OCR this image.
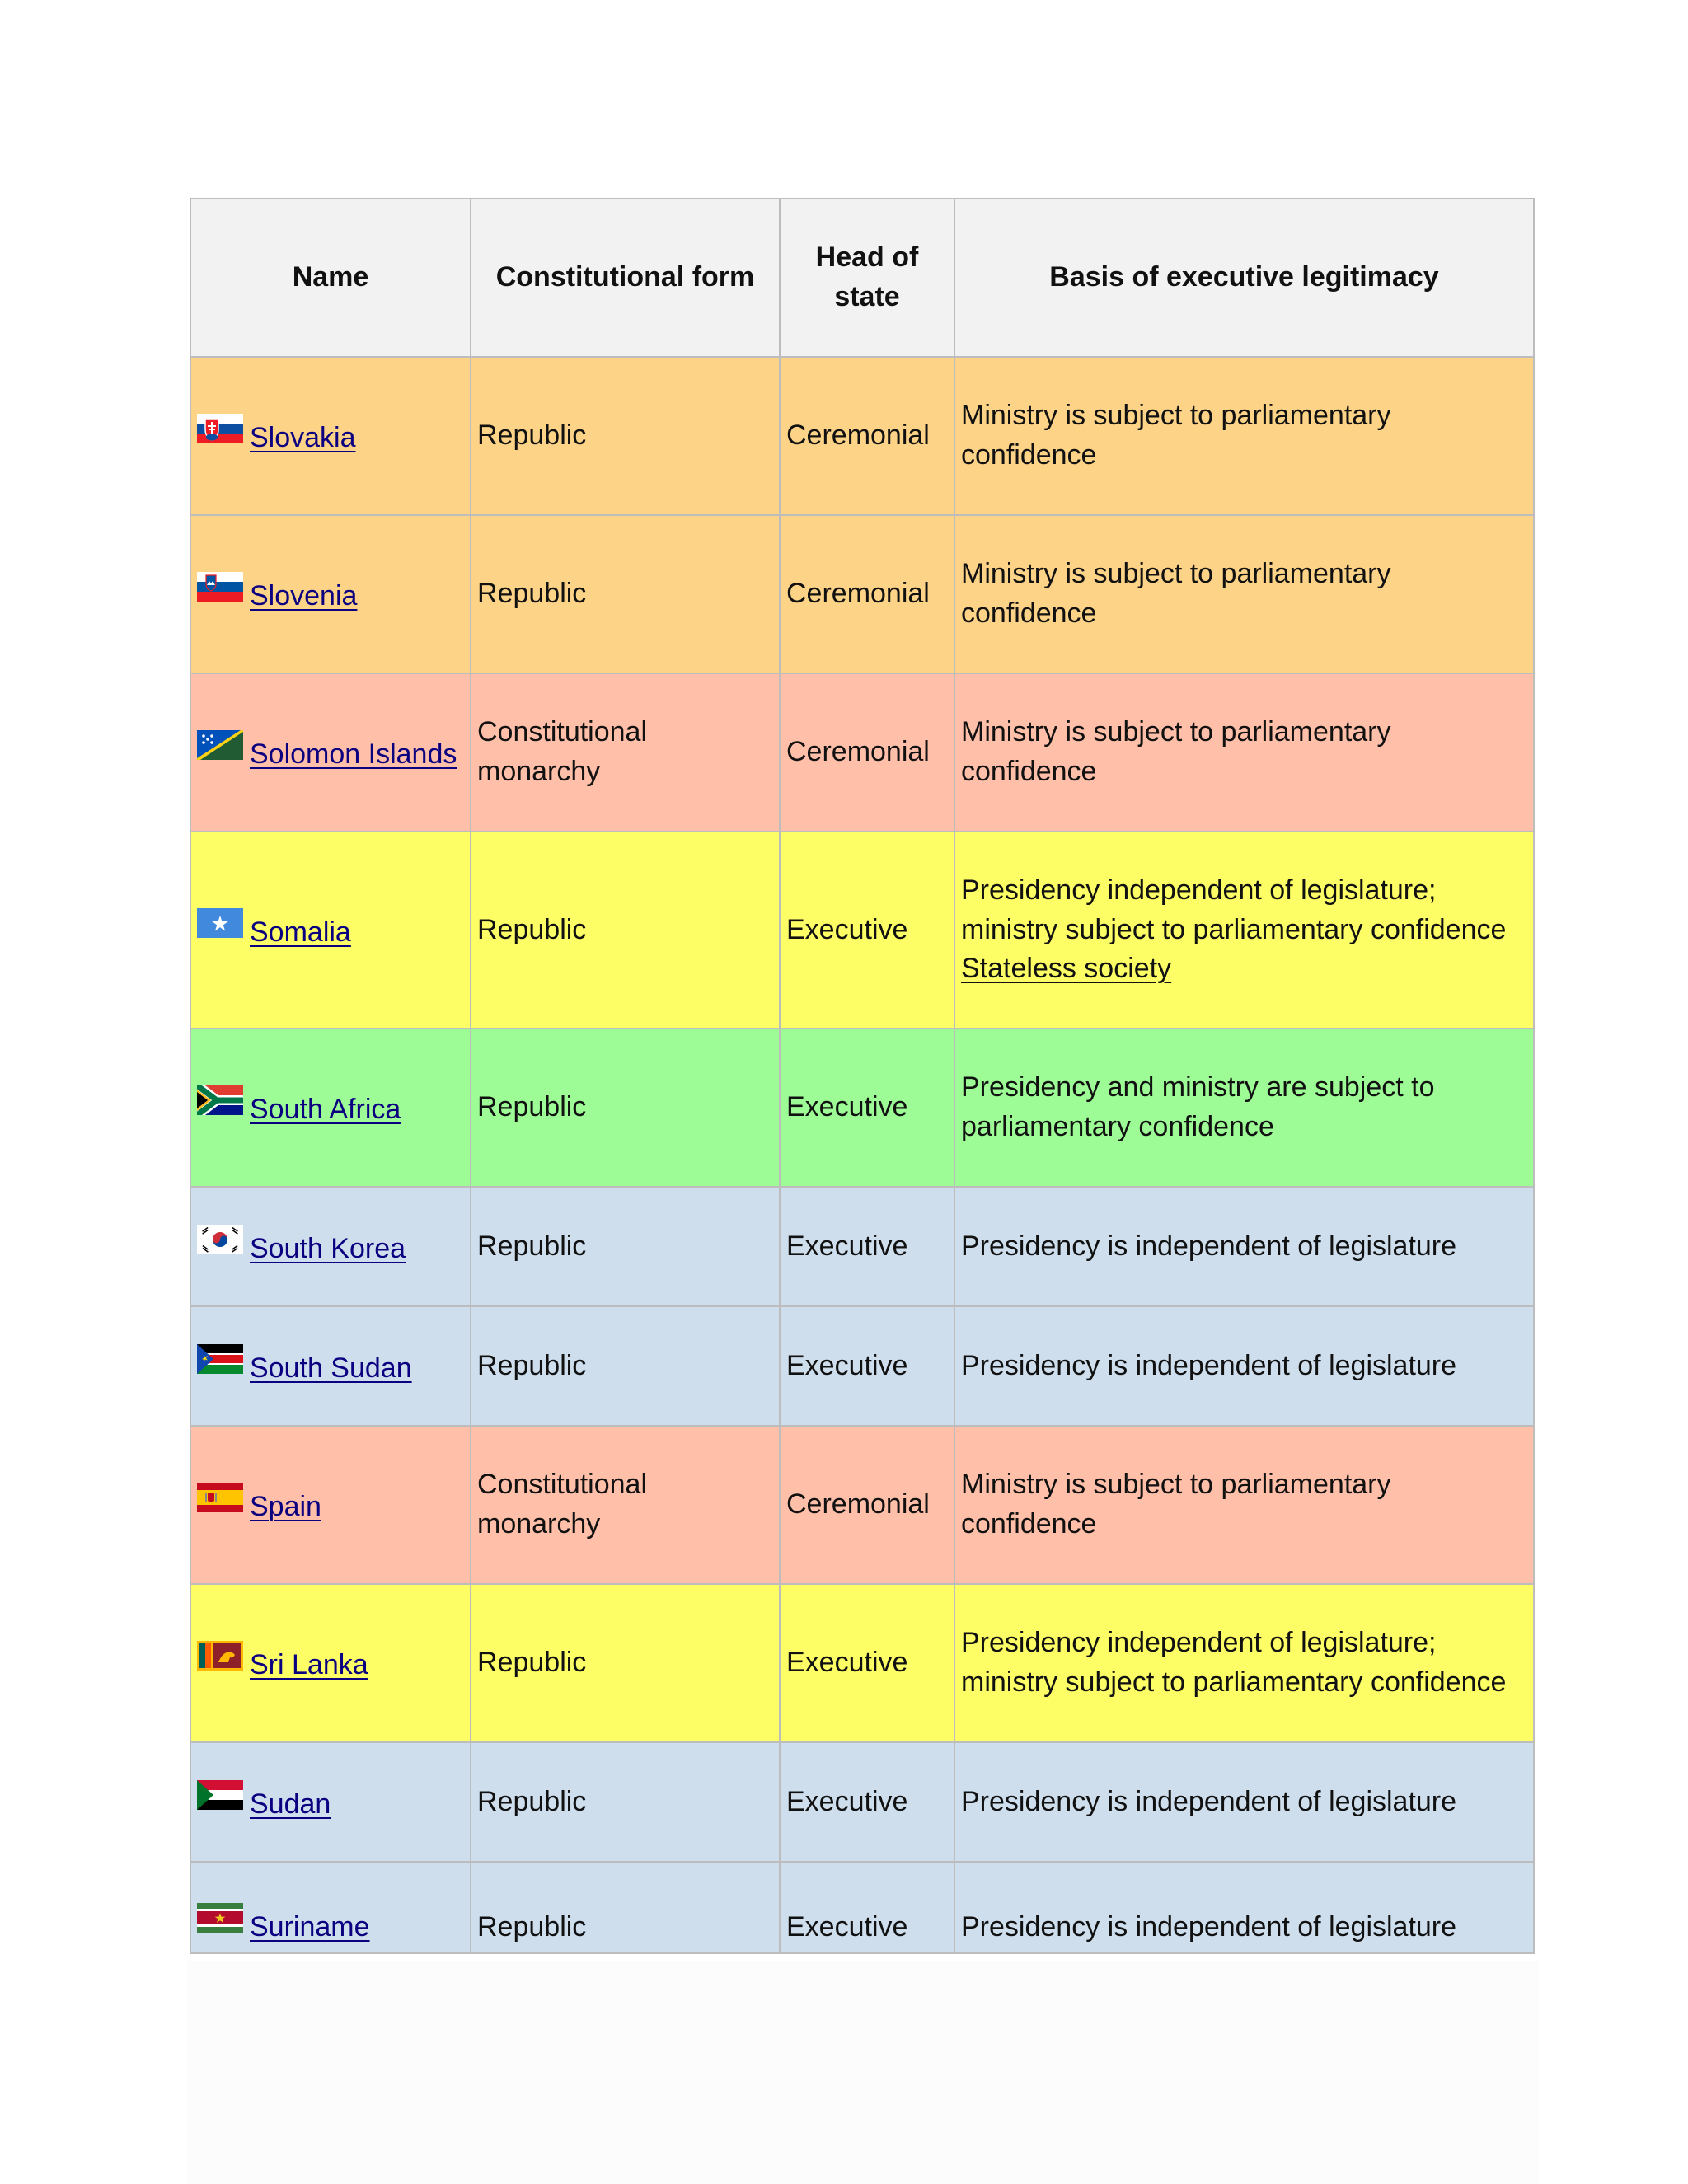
Name	Constitutional form	Head of state	Basis of executive legitimacy

Slovakia	Republic	Ceremonial	Ministry is subject to parliamentary confidence

Slovenia	Republic	Ceremonial	Ministry is subject to parliamentary confidence

Solomon Islands	Constitutional monarchy	Ceremonial	Ministry is subject to parliamentary confidence

Somalia	Republic	Executive	Presidency independent of legislature; ministry subject to parliamentary confidence Stateless society

South Africa	Republic	Executive	Presidency and ministry are subject to parliamentary confidence

South Korea	Republic	Executive	Presidency is independent of legislature

South Sudan	Republic	Executive	Presidency is independent of legislature

Spain	Constitutional monarchy	Ceremonial	Ministry is subject to parliamentary confidence

Sri Lanka	Republic	Executive	Presidency independent of legislature; ministry subject to parliamentary confidence

Sudan	Republic	Executive	Presidency is independent of legislature

Suriname	Republic	Executive	Presidency is independent of legislature
